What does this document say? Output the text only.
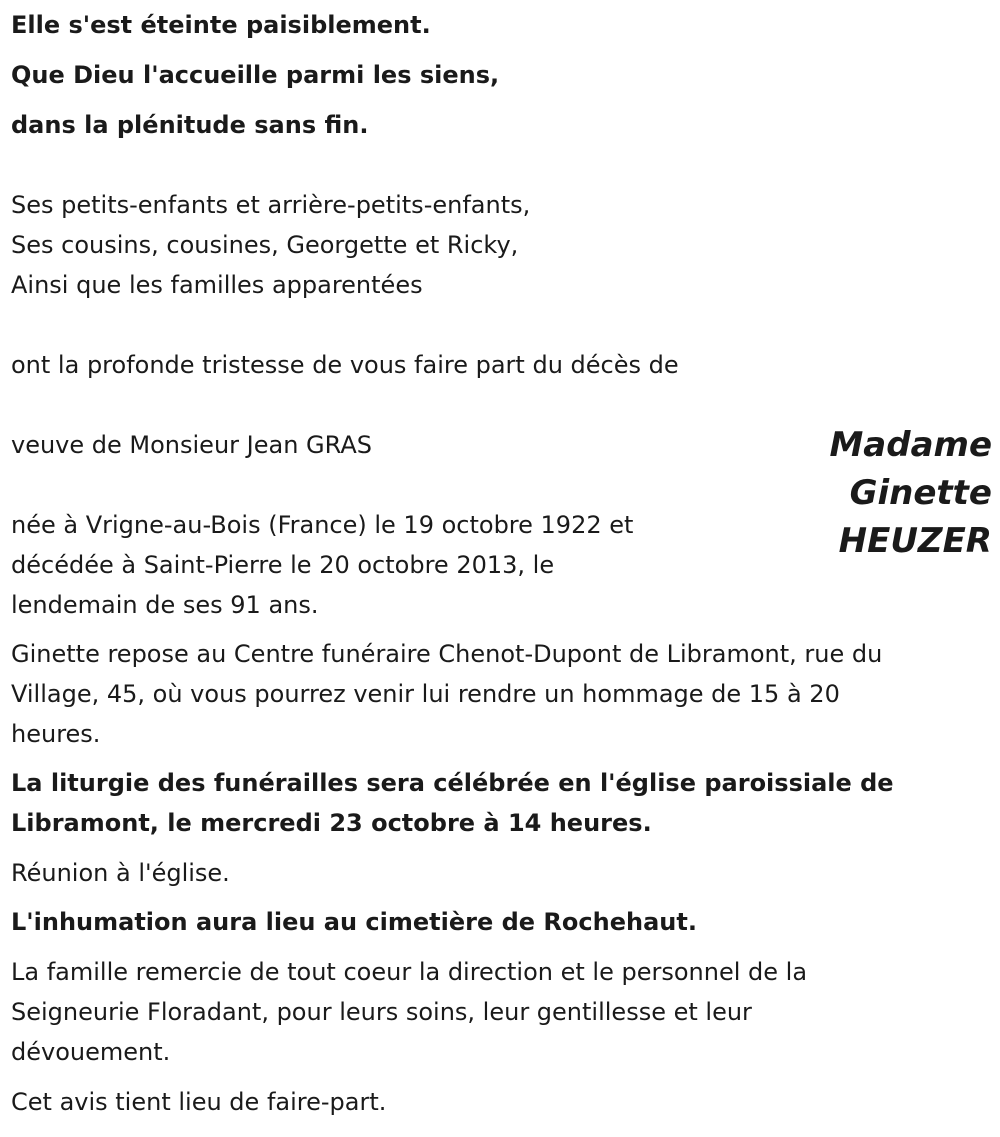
Elle s'est éteinte paisiblement.
Que Dieu l'accueille parmi les siens,
dans la plénitude sans fin.
Ses petits-enfants et arrière-petits-enfants,
Ses cousins, cousines, Georgette et Ricky,
Ainsi que les familles apparentées
ont la profonde tristesse de vous faire part du décès de
veuve de Monsieur Jean GRAS	Madame
Ginette
HEUZER
née à Vrigne-au-Bois (France) le 19 octobre 1922 et
décédée à Saint-Pierre le 20 octobre 2013, le
lendemain de ses 91 ans.
Ginette repose au Centre funéraire Chenot-Dupont de Libramont, rue du
Village, 45, où vous pourrez venir lui rendre un hommage de 15 à 20
heures.
La liturgie des funérailles sera célébrée en l'église paroissiale de
Libramont, le mercredi 23 octobre à 14 heures.
Réunion à l'église.
L'inhumation aura lieu au cimetière de Rochehaut.
La famille remercie de tout coeur la direction et le personnel de la
Seigneurie Floradant, pour leurs soins, leur gentillesse et leur
dévouement.
Cet avis tient lieu de faire-part.
